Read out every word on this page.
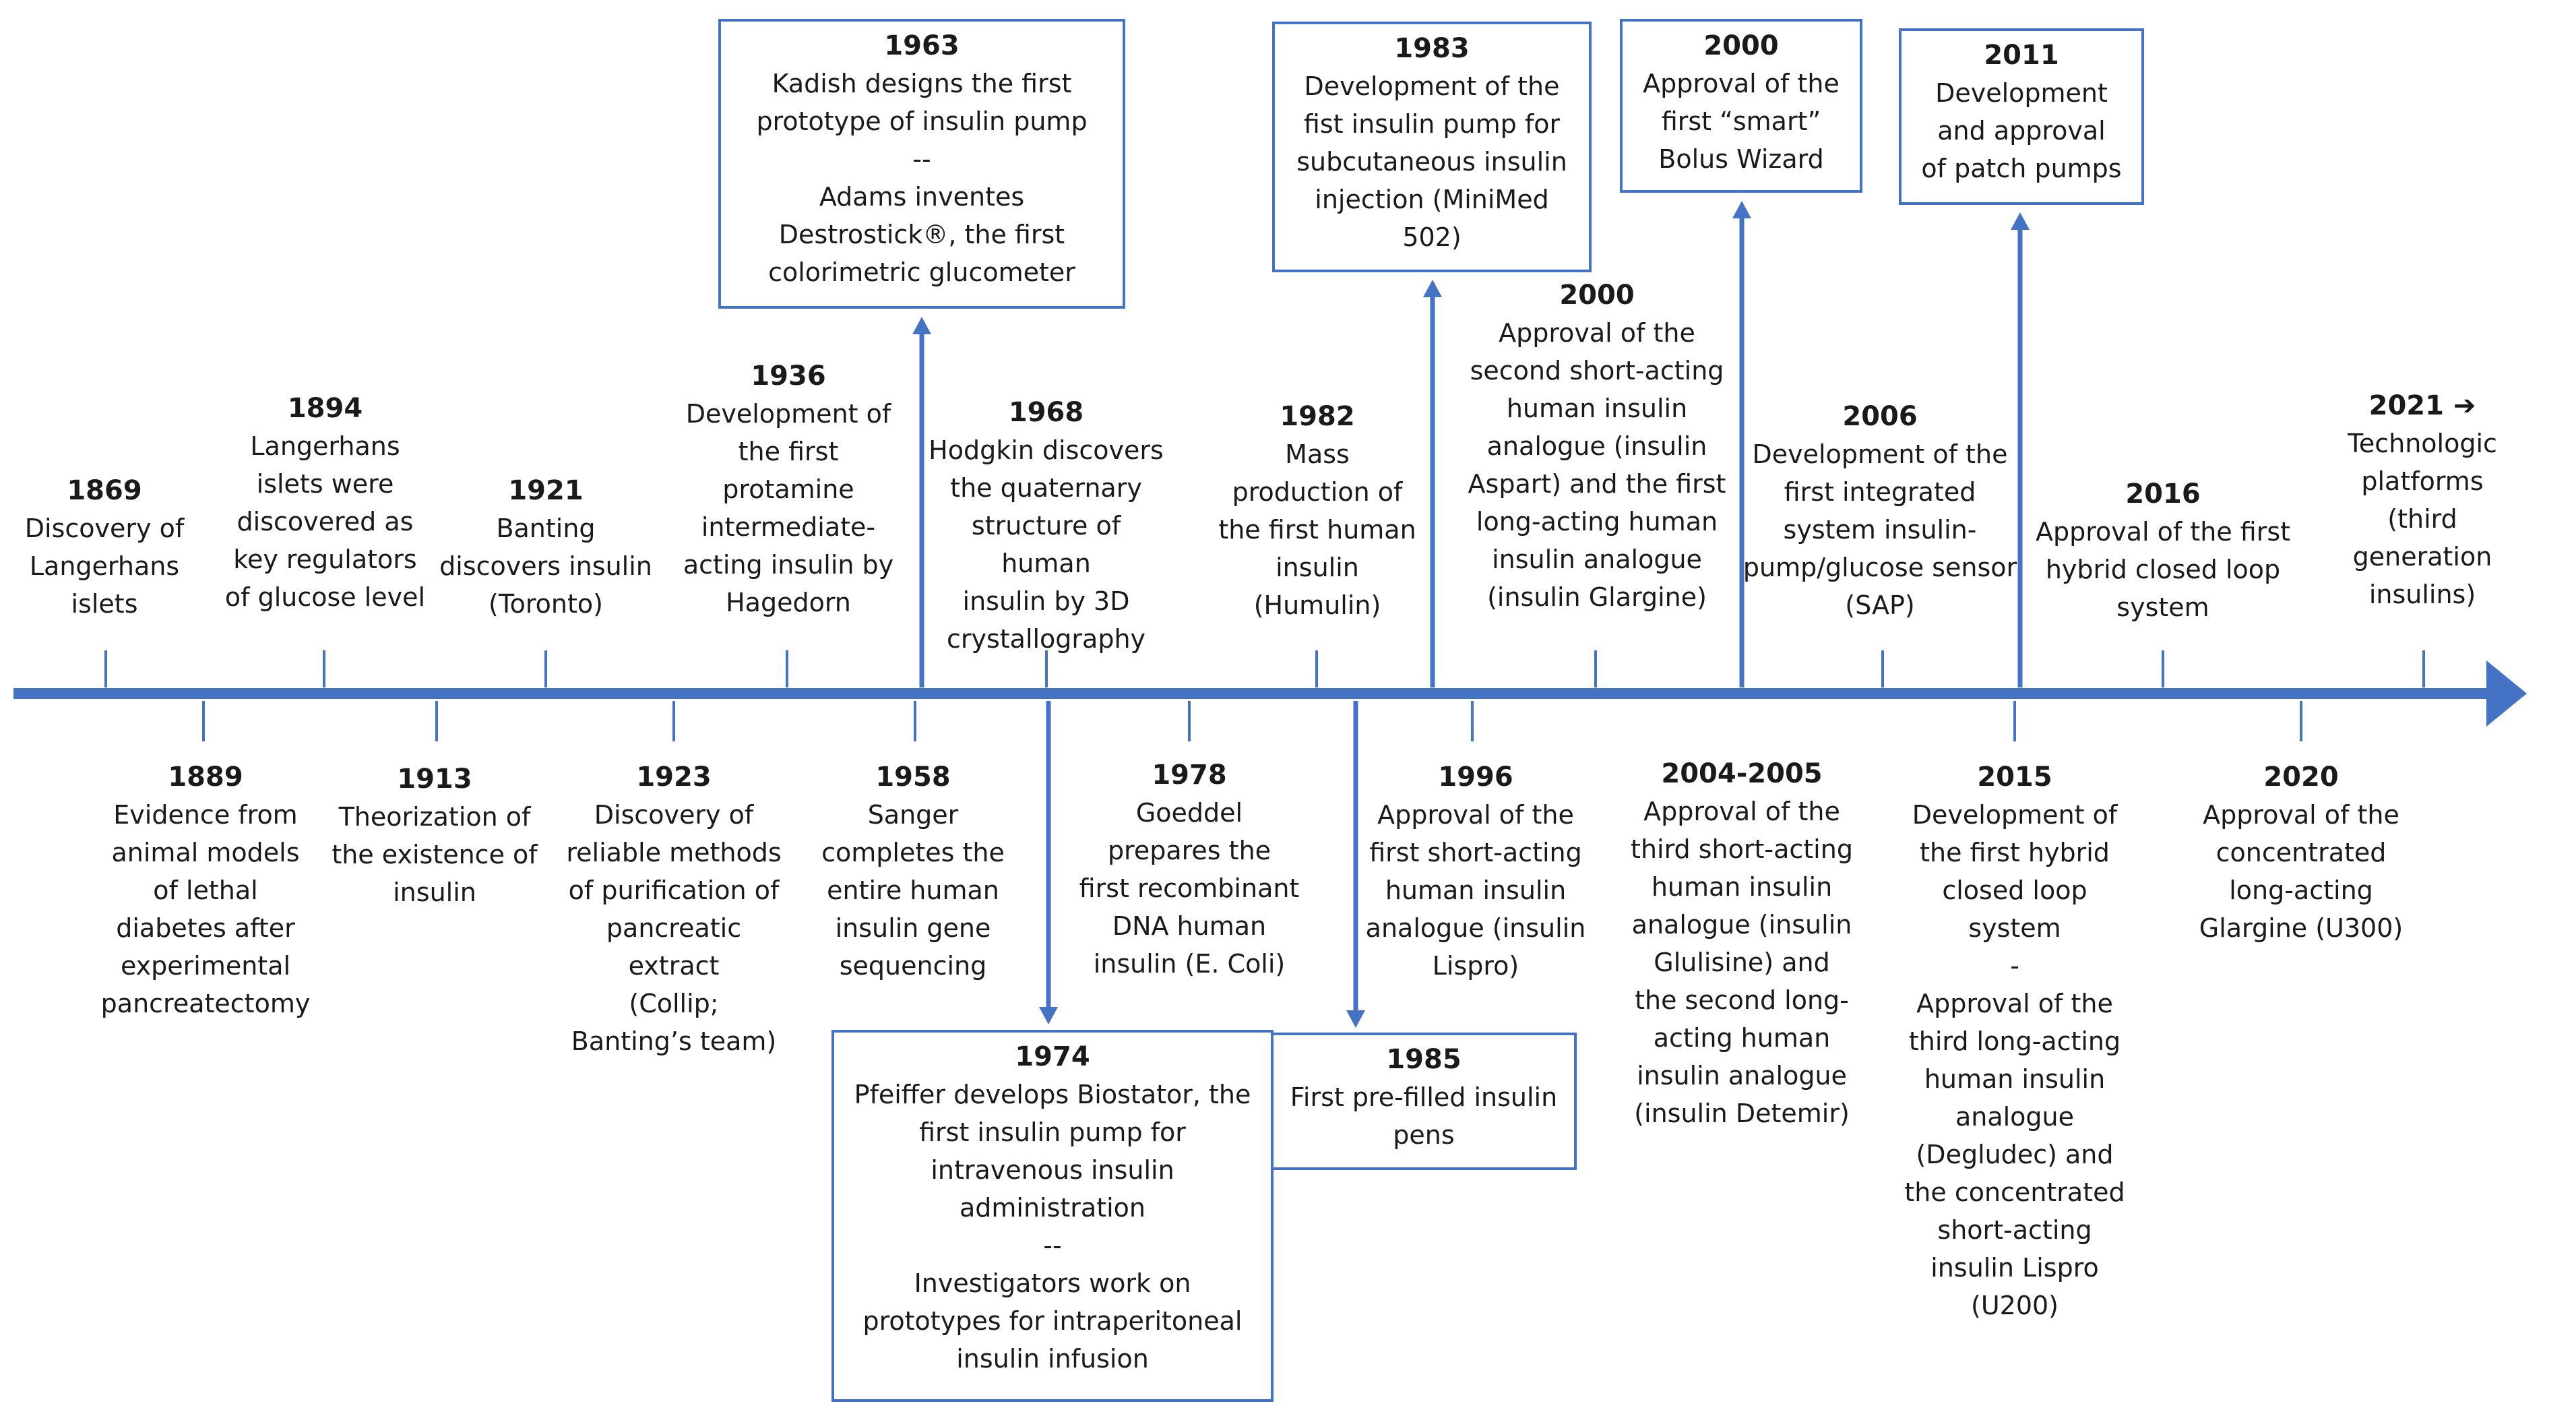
1869
Discovery of
Langerhans
islets
1894
Langerhans
islets were
discovered as
key regulators
of glucose level
1921
Banting
discovers insulin
(Toronto)
1936
Development of
the first
protamine
intermediate-
acting insulin by
Hagedorn
1963
Kadish designs the first
prototype of insulin pump
--
Adams inventes
Destrostick®, the first
colorimetric glucometer
1968
Hodgkin discovers
the quaternary
structure of human
insulin by 3D
crystallography
1982
Mass
production of
the first human
insulin
(Humulin)
1983
Development of the
fist insulin pump for
subcutaneous insulin
injection (MiniMed
502)
2000
Approval of the
second short-acting
human insulin
analogue (insulin
Aspart) and the first
long-acting human
insulin analogue
(insulin Glargine)
2000
Approval of the
first “smart”
Bolus Wizard
2006
Development of the
first integrated
system insulin-
pump/glucose sensor
(SAP)
2011
Development
and approval
of patch pumps
2016
Approval of the first
hybrid closed loop
system
2021 ➔
Technologic
platforms
(third
generation
insulins)
1889
Evidence from
animal models
of lethal
diabetes after
experimental
pancreatectomy
1913
Theorization of
the existence of
insulin
1923
Discovery of
reliable methods
of purification of
pancreatic
extract
(Collip;
Banting’s team)
1958
Sanger
completes the
entire human
insulin gene
sequencing
1974
Pfeiffer develops Biostator, the
first insulin pump for
intravenous insulin
administration
--
Investigators work on
prototypes for intraperitoneal
insulin infusion
1978
Goeddel
prepares the
first recombinant
DNA human
insulin (E. Coli)
1985
First pre-filled insulin
pens
1996
Approval of the
first short-acting
human insulin
analogue (insulin
Lispro)
2004-2005
Approval of the
third short-acting
human insulin
analogue (insulin
Glulisine) and
the second long-
acting human
insulin analogue
(insulin Detemir)
2015
Development of
the first hybrid
closed loop
system
-
Approval of the
third long-acting
human insulin
analogue
(Degludec) and
the concentrated
short-acting
insulin Lispro
(U200)
2020
Approval of the
concentrated
long-acting
Glargine (U300)
